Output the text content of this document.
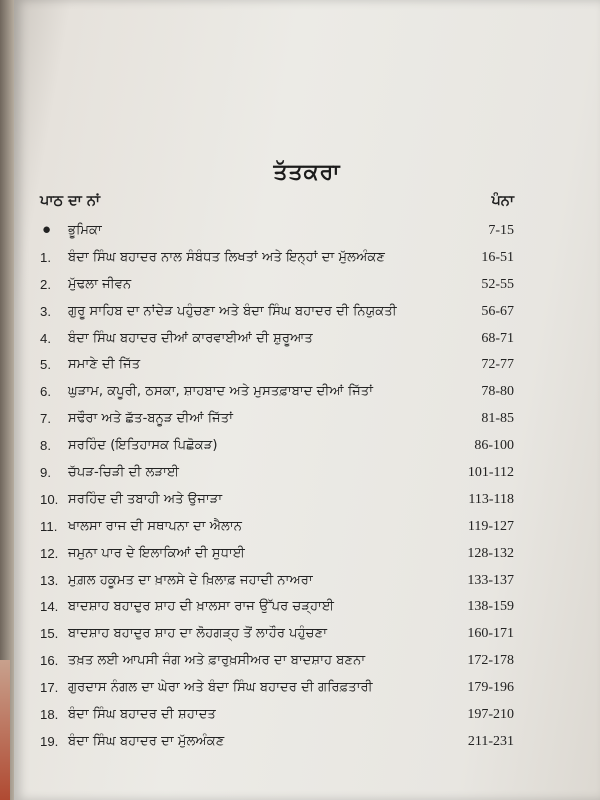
ਤੱਤਕਰਾ
ਪਾਠ ਦਾ ਨਾਂ	ਪੰਨਾ
●	ਭੂਮਿਕਾ	7-15
1.	ਬੰਦਾ ਸਿੰਘ ਬਹਾਦਰ ਨਾਲ ਸੰਬੰਧਤ ਲਿਖਤਾਂ ਅਤੇ ਇਨ੍ਹਾਂ ਦਾ ਮੁੱਲਅੰਕਣ	16-51
2.	ਮੁੱਢਲਾ ਜੀਵਨ	52-55
3.	ਗੁਰੂ ਸਾਹਿਬ ਦਾ ਨਾਂਦੇੜ ਪਹੁੰਚਣਾ ਅਤੇ ਬੰਦਾ ਸਿੰਘ ਬਹਾਦਰ ਦੀ ਨਿਯੁਕਤੀ	56-67
4.	ਬੰਦਾ ਸਿੰਘ ਬਹਾਦਰ ਦੀਆਂ ਕਾਰਵਾਈਆਂ ਦੀ ਸ਼ੁਰੂਆਤ	68-71
5.	ਸਮਾਣੇ ਦੀ ਜਿੱਤ	72-77
6.	ਘੁੜਾਮ, ਕਪੂਰੀ, ਠਸਕਾ, ਸ਼ਾਹਬਾਦ ਅਤੇ ਮੁਸਤਫ਼ਾਬਾਦ ਦੀਆਂ ਜਿੱਤਾਂ	78-80
7.	ਸਢੌਰਾ ਅਤੇ ਛੱਤ-ਬਨੂੜ ਦੀਆਂ ਜਿੱਤਾਂ	81-85
8.	ਸਰਹਿੰਦ (ਇਤਿਹਾਸਕ ਪਿਛੋਕੜ)	86-100
9.	ਚੱਪੜ-ਚਿੜੀ ਦੀ ਲੜਾਈ	101-112
10. ਸਰਹਿੰਦ ਦੀ ਤਬਾਹੀ ਅਤੇ ਉਜਾੜਾ	113-118
11. ਖਾਲਸਾ ਰਾਜ ਦੀ ਸਥਾਪਨਾ ਦਾ ਐਲਾਨ	119-127
12. ਜਮੁਨਾ ਪਾਰ ਦੇ ਇਲਾਕਿਆਂ ਦੀ ਸੁਧਾਈ	128-132
13. ਮੁਗ਼ਲ ਹਕੂਮਤ ਦਾ ਖ਼ਾਲਸੇ ਦੇ ਖ਼ਿਲਾਫ਼ ਜਹਾਦੀ ਨਾਅਰਾ	133-137
14. ਬਾਦਸ਼ਾਹ ਬਹਾਦੁਰ ਸ਼ਾਹ ਦੀ ਖ਼ਾਲਸਾ ਰਾਜ ਉੱਪਰ ਚੜ੍ਹਾਈ	138-159
15. ਬਾਦਸ਼ਾਹ ਬਹਾਦੁਰ ਸ਼ਾਹ ਦਾ ਲੋਹਗੜ੍ਹ ਤੋਂ ਲਾਹੌਰ ਪਹੁੰਚਣਾ	160-171
16. ਤਖ਼ਤ ਲਈ ਆਪਸੀ ਜੰਗ ਅਤੇ ਫ਼ਾਰੁਖ਼ਸੀਅਰ ਦਾ ਬਾਦਸ਼ਾਹ ਬਣਨਾ	172-178
17. ਗੁਰਦਾਸ ਨੰਗਲ ਦਾ ਘੇਰਾ ਅਤੇ ਬੰਦਾ ਸਿੰਘ ਬਹਾਦਰ ਦੀ ਗਰਿਫ਼ਤਾਰੀ	179-196
18. ਬੰਦਾ ਸਿੰਘ ਬਹਾਦਰ ਦੀ ਸ਼ਹਾਦਤ	197-210
19. ਬੰਦਾ ਸਿੰਘ ਬਹਾਦਰ ਦਾ ਮੁੱਲਅੰਕਣ	211-231
